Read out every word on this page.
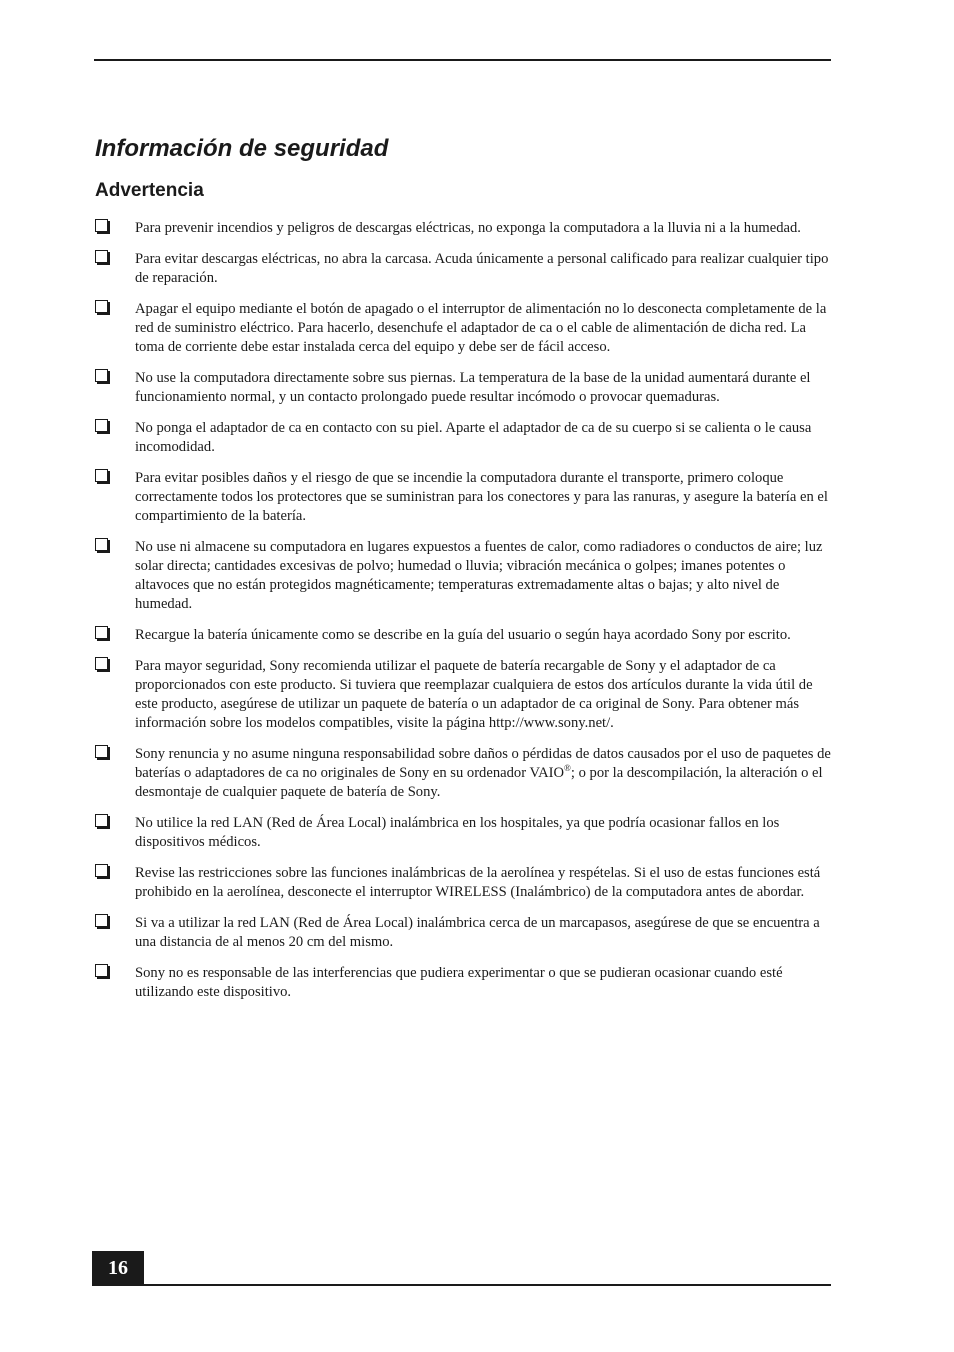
Información de seguridad
Advertencia
Para prevenir incendios y peligros de descargas eléctricas, no exponga la computadora a la lluvia ni a la humedad.
Para evitar descargas eléctricas, no abra la carcasa. Acuda únicamente a personal calificado para realizar cualquier tipo de reparación.
Apagar el equipo mediante el botón de apagado o el interruptor de alimentación no lo desconecta completamente de la red de suministro eléctrico. Para hacerlo, desenchufe el adaptador de ca o el cable de alimentación de dicha red. La toma de corriente debe estar instalada cerca del equipo y debe ser de fácil acceso.
No use la computadora directamente sobre sus piernas. La temperatura de la base de la unidad aumentará durante el funcionamiento normal, y un contacto prolongado puede resultar incómodo o provocar quemaduras.
No ponga el adaptador de ca en contacto con su piel. Aparte el adaptador de ca de su cuerpo si se calienta o le causa incomodidad.
Para evitar posibles daños y el riesgo de que se incendie la computadora durante el transporte, primero coloque correctamente todos los protectores que se suministran para los conectores y para las ranuras, y asegure la batería en el compartimiento de la batería.
No use ni almacene su computadora en lugares expuestos a fuentes de calor, como radiadores o conductos de aire; luz solar directa; cantidades excesivas de polvo; humedad o lluvia; vibración mecánica o golpes; imanes potentes o altavoces que no están protegidos magnéticamente; temperaturas extremadamente altas o bajas; y alto nivel de humedad.
Recargue la batería únicamente como se describe en la guía del usuario o según haya acordado Sony por escrito.
Para mayor seguridad, Sony recomienda utilizar el paquete de batería recargable de Sony y el adaptador de ca proporcionados con este producto. Si tuviera que reemplazar cualquiera de estos dos artículos durante la vida útil de este producto, asegúrese de utilizar un paquete de batería o un adaptador de ca original de Sony. Para obtener más información sobre los modelos compatibles, visite la página http://www.sony.net/.
Sony renuncia y no asume ninguna responsabilidad sobre daños o pérdidas de datos causados por el uso de paquetes de baterías o adaptadores de ca no originales de Sony en su ordenador VAIO®; o por la descompilación, la alteración o el desmontaje de cualquier paquete de batería de Sony.
No utilice la red LAN (Red de Área Local) inalámbrica en los hospitales, ya que podría ocasionar fallos en los dispositivos médicos.
Revise las restricciones sobre las funciones inalámbricas de la aerolínea y respételas. Si el uso de estas funciones está prohibido en la aerolínea, desconecte el interruptor WIRELESS (Inalámbrico) de la computadora antes de abordar.
Si va a utilizar la red LAN (Red de Área Local) inalámbrica cerca de un marcapasos, asegúrese de que se encuentra a una distancia de al menos 20 cm del mismo.
Sony no es responsable de las interferencias que pudiera experimentar o que se pudieran ocasionar cuando esté utilizando este dispositivo.
16
